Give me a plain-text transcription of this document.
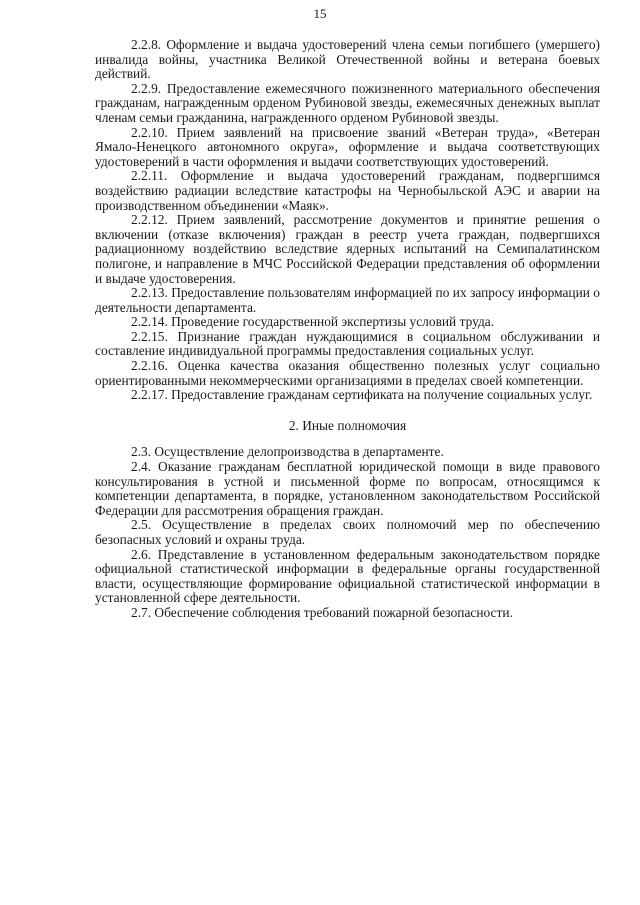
15

2.2.8. Оформление и выдача удостоверений члена семьи погибшего (умершего) инвалида войны, участника Великой Отечественной войны и ветерана боевых действий.

2.2.9. Предоставление ежемесячного пожизненного материального обеспечения гражданам, награжденным орденом Рубиновой звезды, ежемесячных денежных выплат членам семьи гражданина, награжденного орденом Рубиновой звезды.

2.2.10. Прием заявлений на присвоение званий «Ветеран труда», «Ветеран Ямало-Ненецкого автономного округа», оформление и выдача соответствующих удостоверений в части оформления и выдачи соответствующих удостоверений.

2.2.11. Оформление и выдача удостоверений гражданам, подвергшимся воздействию радиации вследствие катастрофы на Чернобыльской АЭС и аварии на производственном объединении «Маяк».

2.2.12. Прием заявлений, рассмотрение документов и принятие решения о включении (отказе включения) граждан в реестр учета граждан, подвергшихся радиационному воздействию вследствие ядерных испытаний на Семипалатинском полигоне, и направление в МЧС Российской Федерации представления об оформлении и выдаче удостоверения.

2.2.13. Предоставление пользователям информацией по их запросу информации о деятельности департамента.

2.2.14. Проведение государственной экспертизы условий труда.

2.2.15. Признание граждан нуждающимися в социальном обслуживании и составление индивидуальной программы предоставления социальных услуг.

2.2.16. Оценка качества оказания общественно полезных услуг социально ориентированными некоммерческими организациями в пределах своей компетенции.

2.2.17. Предоставление гражданам сертификата на получение социальных услуг.

2. Иные полномочия

2.3. Осуществление делопроизводства в департаменте.

2.4. Оказание гражданам бесплатной юридической помощи в виде правового консультирования в устной и письменной форме по вопросам, относящимся к компетенции департамента, в порядке, установленном законодательством Российской Федерации для рассмотрения обращения граждан.

2.5. Осуществление в пределах своих полномочий мер по обеспечению безопасных условий и охраны труда.

2.6. Представление в установленном федеральным законодательством порядке официальной статистической информации в федеральные органы государственной власти, осуществляющие формирование официальной статистической информации в установленной сфере деятельности.

2.7. Обеспечение соблюдения требований пожарной безопасности.
